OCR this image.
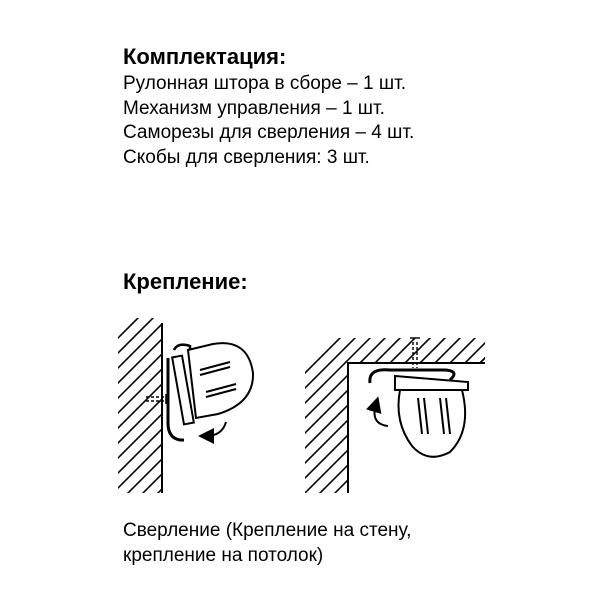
Комплектация:
Рулонная штора в сборе – 1 шт.
Механизм управления – 1 шт.
Саморезы для сверления – 4 шт.
Скобы для сверления: 3 шт.
Крепление:

Сверление (Крепление на стену,
крепление на потолок)
